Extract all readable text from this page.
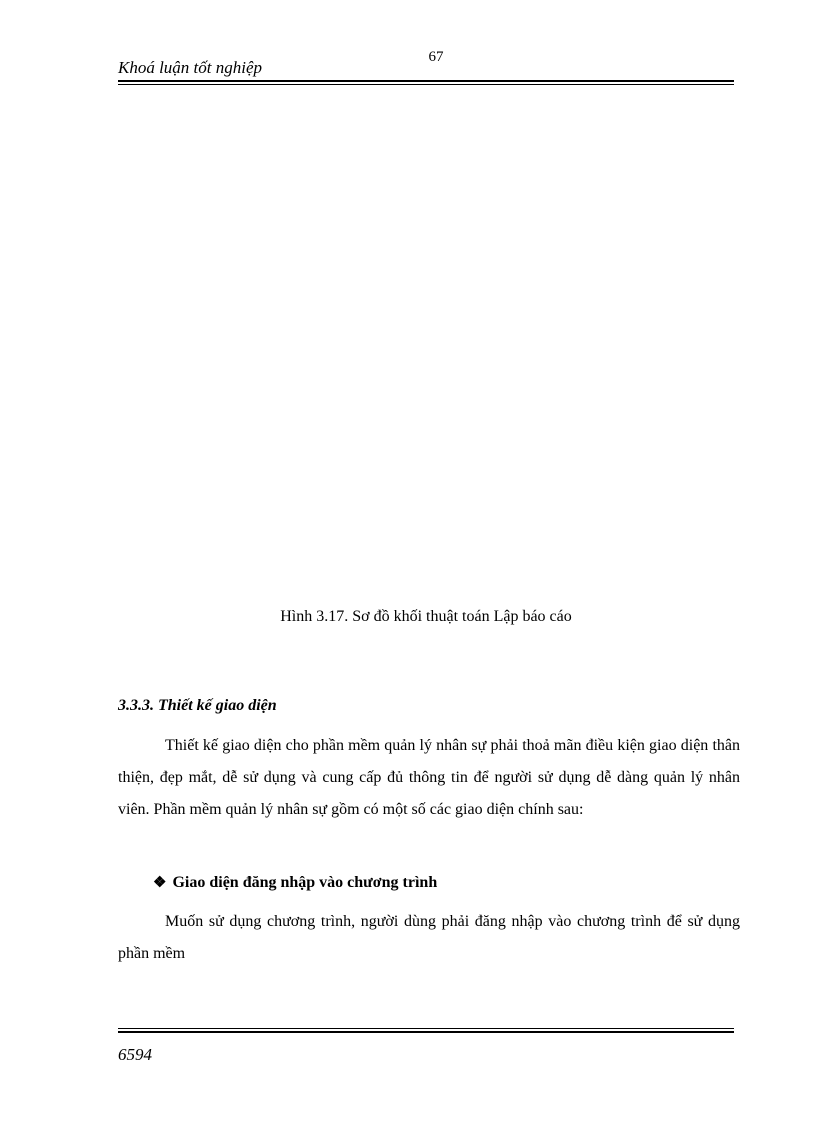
67
Khoá luận tốt nghiệp
Hình 3.17. Sơ đồ khối thuật toán Lập báo cáo
3.3.3. Thiết kế giao diện

Thiết kế giao diện cho phần mềm quản lý nhân sự phải thoả mãn điều kiện giao diện thân thiện, đẹp mắt, dễ sử dụng và cung cấp đủ thông tin để người sử dụng dễ dàng quản lý nhân viên. Phần mềm quản lý nhân sự gồm có một số các giao diện chính sau:

❖ Giao diện đăng nhập vào chương trình

Muốn sử dụng chương trình, người dùng phải đăng nhập vào chương trình để sử dụng phần mềm

6594
